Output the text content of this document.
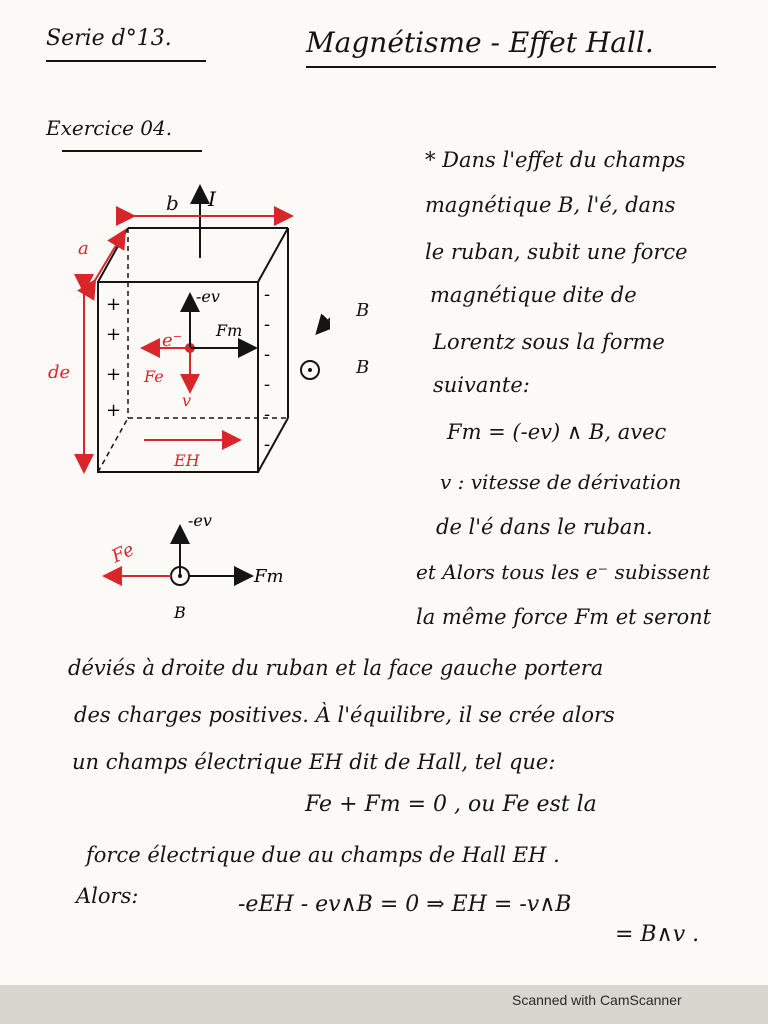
Serie d°13.	Magnétisme - Effet Hall.
Exercice 04.
I
b
a
de
+
+
+
+
-
-
-
-
-
-
e⁻
-ev
Fm
Fe
v
EH
-ev
Fm
Fe
B
B
B
* Dans l'effet du champs
magnétique B, l'é, dans
le ruban, subit une force
magnétique dite de
Lorentz sous la forme
suivante:
Fm = (-ev) ∧ B, avec
v : vitesse de dérivation
de l'é dans le ruban.
et Alors tous les e⁻ subissent
la même force Fm et seront
déviés à droite du ruban et la face gauche portera
des charges positives. À l'équilibre, il se crée alors
un champs électrique EH dit de Hall, tel que:
Fe + Fm = 0 , ou Fe est la
force électrique due au champs de Hall EH .
Alors:	-eEH - ev∧B = 0 ⇒ EH = -v∧B
= B∧v .
Scanned with CamScanner
